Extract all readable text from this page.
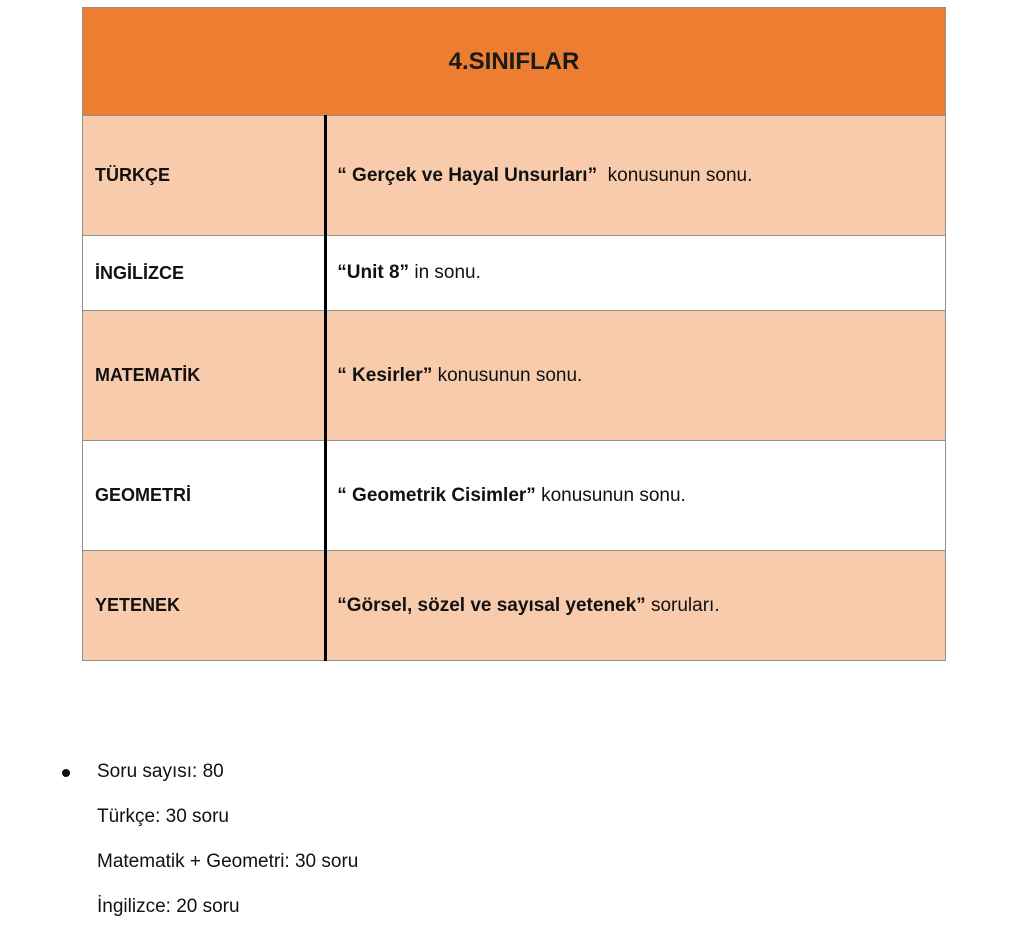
4.SINIFLAR	
TÜRKÇE	“ Gerçek ve Hayal Unsurları”  konusunun sonu.
İNGİLİZCE	“Unit 8” in sonu.
MATEMATİK	“ Kesirler” konusunun sonu.
GEOMETRİ	“ Geometrik Cisimler” konusunun sonu.
YETENEK	“Görsel, sözel ve sayısal yetenek” soruları.
Soru sayısı: 80
Türkçe: 30 soru
Matematik + Geometri: 30 soru
İngilizce: 20 soru
